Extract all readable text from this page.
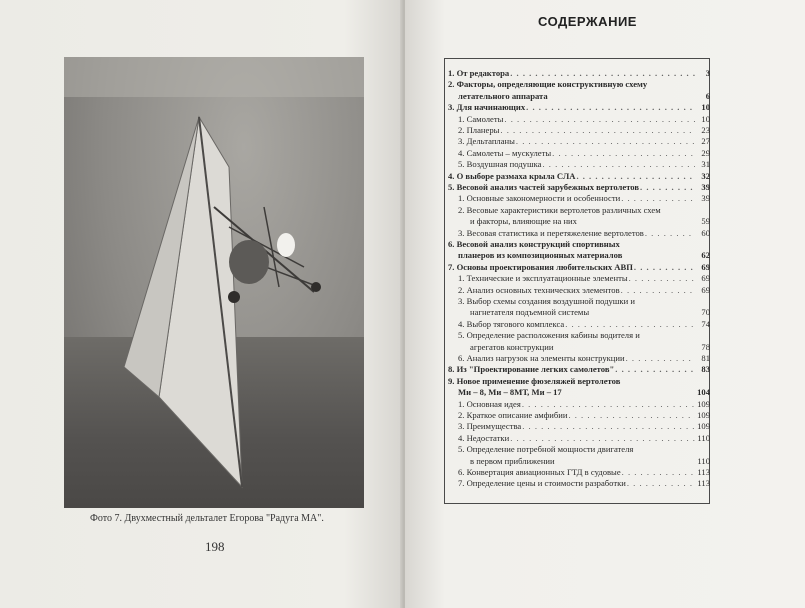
Фото 7. Двухместный дельталет Егорова "Радуга МА".
198
СОДЕРЖАНИЕ
1. От редактора . . .	3
2. Факторы, определяющие конструктивную схему
летательного аппарата	6
3. Для начинающих . . .	10
1. Самолеты . . .	10
2. Планеры . . .	23
3. Дельтапланы . . .	27
4. Самолеты – мускулеты . . .	29
5. Воздушная подушка . . .	31
4. О выборе размаха крыла СЛА . . .	32
5. Весовой анализ частей зарубежных вертолетов . . .	39
1. Основные закономерности и особенности . . .	39
2. Весовые характеристики вертолетов различных схем
и факторы, влияющие на них	59
3. Весовая статистика и перетяжеление вертолетов . . .	60
6. Весовой анализ конструкций спортивных
планеров из композиционных материалов	62
7. Основы проектирования любительских АВП . . .	69
1. Технические и эксплуатационные элементы . . .	69
2. Анализ основных технических элементов . . .	69
3. Выбор схемы создания воздушной подушки и
нагнетателя подъемной системы	70
4. Выбор тягового комплекса . . .	74
5. Определение расположения кабины водителя и
агрегатов конструкции	78
6. Анализ нагрузок на элементы конструкции . . .	81
8. Из "Проектирование легких самолетов" . . .	83
9. Новое применение фюзеляжей вертолетов
Ми – 8, Ми – 8МТ, Ми – 17	104
1. Основная идея . . .	109
2. Краткое описание амфибии . . .	109
3. Преимущества . . .	109
4. Недостатки . . .	110
5. Определение потребной мощности двигателя
в первом приближении	110
6. Конвертация авиационных ГТД в судовые . . .	113
7. Определение цены и стоимости разработки . . .	113
